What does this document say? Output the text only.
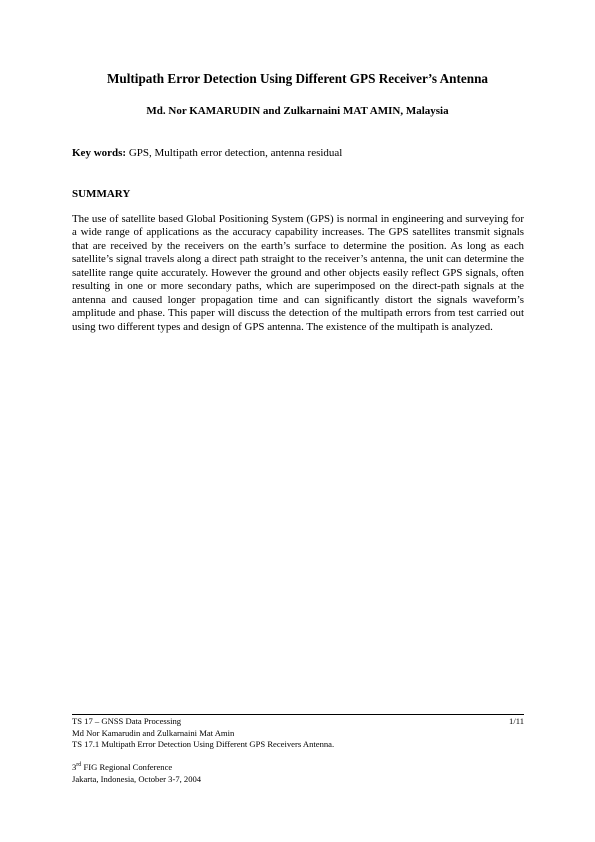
Multipath Error Detection Using Different GPS Receiver’s Antenna
Md. Nor KAMARUDIN and Zulkarnaini MAT AMIN, Malaysia
Key words: GPS, Multipath error detection, antenna residual
SUMMARY
The use of satellite based Global Positioning System (GPS) is normal in engineering and surveying for a wide range of applications as the accuracy capability increases. The GPS satellites transmit signals that are received by the receivers on the earth’s surface to determine the position. As long as each satellite’s signal travels along a direct path straight to the receiver’s antenna, the unit can determine the satellite range quite accurately. However the ground and other objects easily reflect GPS signals, often resulting in one or more secondary paths, which are superimposed on the direct-path signals at the antenna and caused longer propagation time and can significantly distort the signals waveform’s amplitude and phase. This paper will discuss the detection of the multipath errors from test carried out using two different types and design of GPS antenna. The existence of the multipath is analyzed.
TS 17 – GNSS Data Processing
Md Nor Kamarudin and Zulkarnaini Mat Amin
TS 17.1 Multipath Error Detection Using Different GPS Receivers Antenna.
3rd FIG Regional Conference
Jakarta, Indonesia, October 3-7, 2004
1/11
